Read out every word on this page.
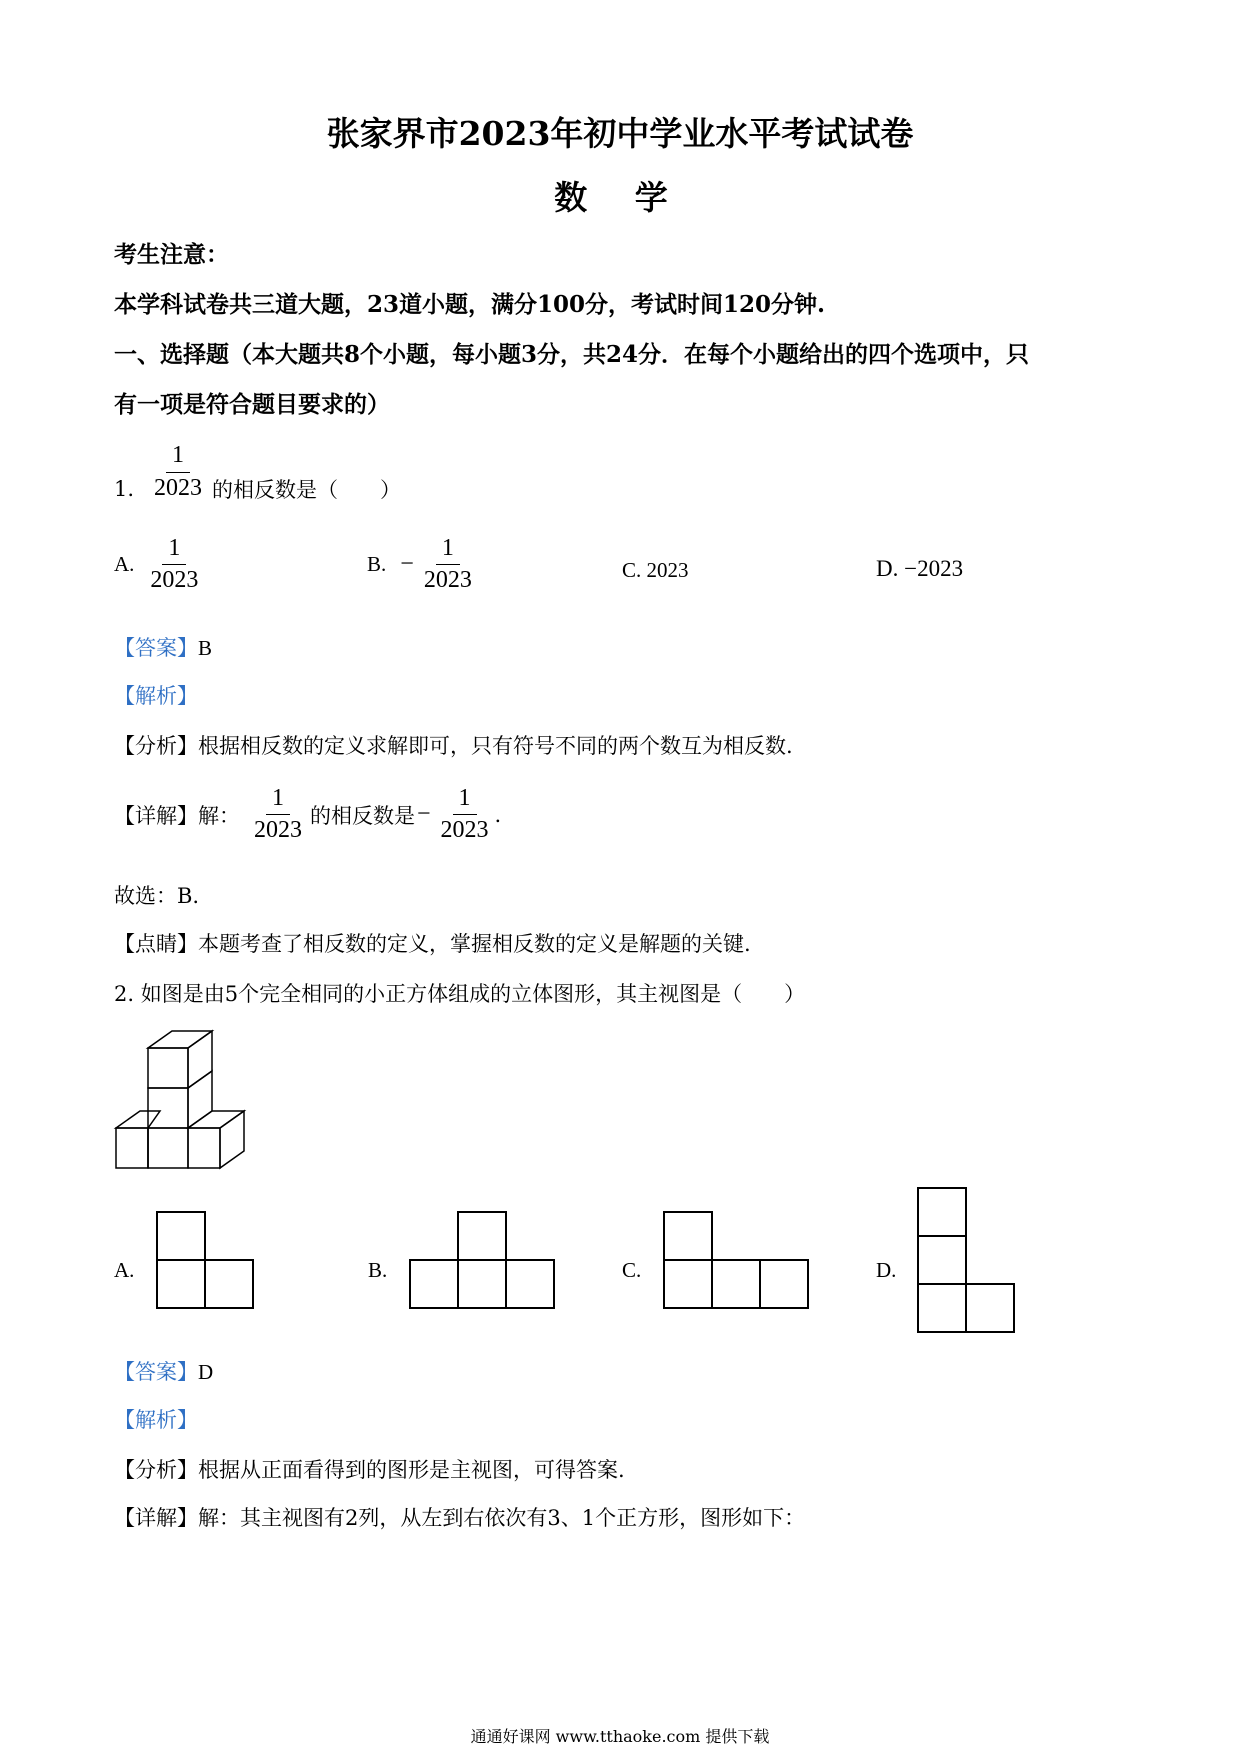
张家界市2023年初中学业水平考试试卷
数 学
考生注意：
本学科试卷共三道大题，23道小题，满分100分，考试时间120分钟.
一、选择题（本大题共8个小题，每小题3分，共24分．在每个小题给出的四个选项中，只
有一项是符合题目要求的）
1. $\frac{1}{2023}$ 的相反数是（　　）
A. $\frac{1}{2023}$	B. − $\frac{1}{2023}$	C. 2023	D. −2023
【答案】B
【解析】
【分析】根据相反数的定义求解即可，只有符号不同的两个数互为相反数.
【详解】 解： $\frac{1}{2023}$ 的相反数是 − $\frac{1}{2023}$ .
故选：B.
【点睛】本题考查了相反数的定义，掌握相反数的定义是解题的关键.
2. 如图是由5个完全相同的小正方体组成的立体图形，其主视图是（　　）
A.	B.	C.	D.
【答案】D
【解析】
【分析】根据从正面看得到的图形是主视图，可得答案.
【详解】解：其主视图有2列，从左到右依次有3、1个正方形，图形如下：
通通好课网 www.tthaoke.com 提供下载
